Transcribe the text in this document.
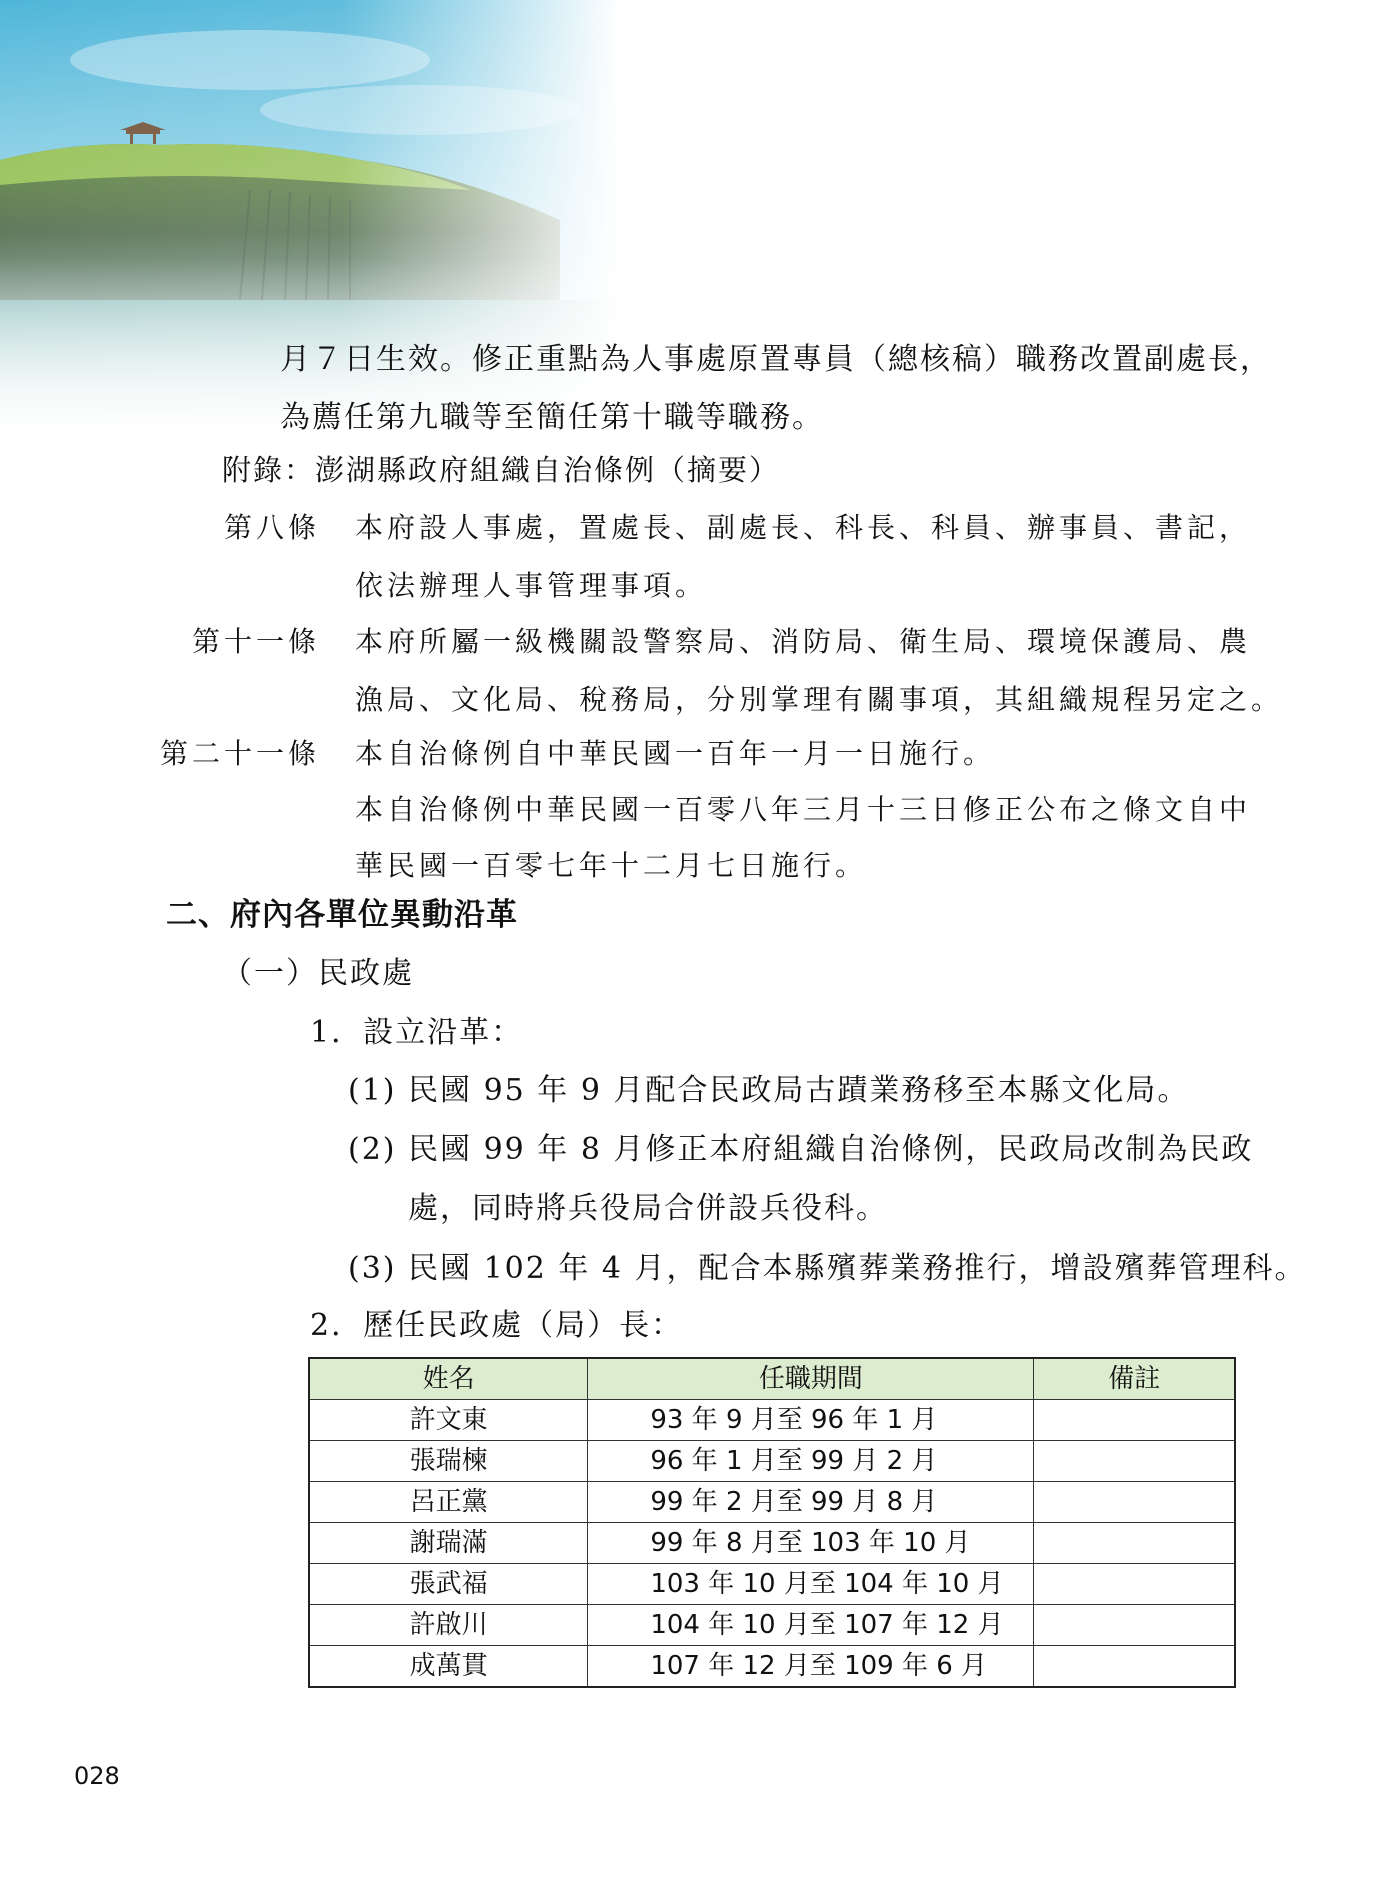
月７日生效。修正重點為人事處原置專員（總核稿）職務改置副處長，
為薦任第九職等至簡任第十職等職務。
附錄：澎湖縣政府組織自治條例（摘要）
第八條 本府設人事處，置處長、副處長、科長、科員、辦事員、書記，
依法辦理人事管理事項。
第十一條 本府所屬一級機關設警察局、消防局、衛生局、環境保護局、農
漁局、文化局、稅務局，分別掌理有關事項，其組織規程另定之。
第二十一條 本自治條例自中華民國一百年一月一日施行。
本自治條例中華民國一百零八年三月十三日修正公布之條文自中
華民國一百零七年十二月七日施行。
二、府內各單位異動沿革
（一）民政處
1．設立沿革：
(1) 民國 95 年 9 月配合民政局古蹟業務移至本縣文化局。
(2) 民國 99 年 8 月修正本府組織自治條例，民政局改制為民政
處，同時將兵役局合併設兵役科。
(3) 民國 102 年 4 月，配合本縣殯葬業務推行，增設殯葬管理科。
2．歷任民政處（局）長：
姓名	任職期間	備註
許文東	93 年 9 月至 96 年 1 月	
張瑞楝	96 年 1 月至 99 月 2 月	
呂正黨	99 年 2 月至 99 月 8 月	
謝瑞滿	99 年 8 月至 103 年 10 月	
張武福	103 年 10 月至 104 年 10 月	
許啟川	104 年 10 月至 107 年 12 月	
成萬貫	107 年 12 月至 109 年 6 月	
028
